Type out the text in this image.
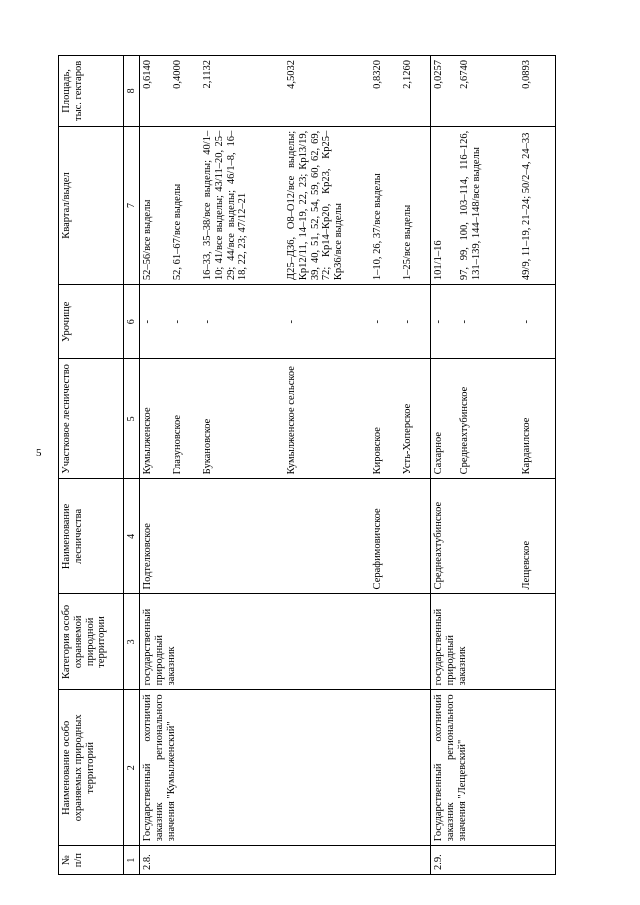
5
№ п/п	Наименование особо охраняемых природных территорий	Категория особо охраняемой природной территории	Наименование лесничества	Участковое лесничество	Урочище	Квартал/выдел	Площадь, тыс. гектаров
1	2	3	4	5	6	7	8
2.8.	Государственный охотничий заказник регионального значения "Кумылженский"	государственный природный заказник	Подтелковское	Кумылженское	-	52–56/все выделы	0,6140
				Глазуновское	-	52, 61–67/все выделы	0,4000
				Букановское	-	16–33, 35–38/все выделы; 40/1–10; 41/все выделы; 43/11–20, 25–29; 44/все выделы; 46/1–8, 16–18, 22, 23; 47/12–21	2,1132
				Кумылженское сельское	-	Д25–Д36, О8–О12/все выделы; Кр12/11, 14–19, 22, 23; Кр13/19, 39, 40, 51, 52, 54, 59, 60, 62, 69, 72; Кр14–Кр20, Кр23, Кр25–Кр36/все выделы	4,5032
			Серафимовичское	Кировское	-	1–10, 26, 37/все выделы	0,8320
				Усть-Хоперское	-	1–25/все выделы	2,1260
2.9.	Государственный охотничий заказник регионального значения "Лещевский"	государственный природный заказник	Среднеахтубинское	Сахарное	-	101/1–16	0,0257
				Среднеахтубинское	-	97, 99, 100, 103–114, 116–126, 131–139, 144–148/все выделы	2,6740
			Лещевское	Кардаилское	-	49/9, 11–19, 21–24; 50/2–4, 24–33	0,0893
